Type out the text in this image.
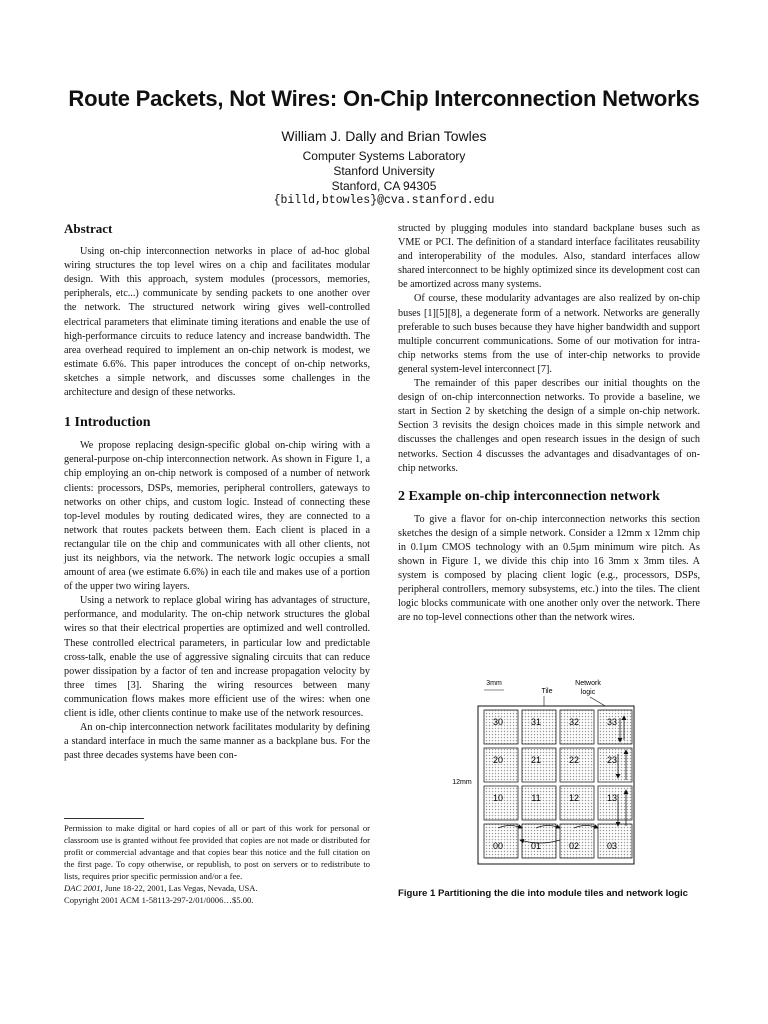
Route Packets, Not Wires: On-Chip Interconnection Networks
William J. Dally and Brian Towles
Computer Systems Laboratory
Stanford University
Stanford, CA 94305
{billd,btowles}@cva.stanford.edu
Abstract

Using on-chip interconnection networks in place of ad-hoc global wiring structures the top level wires on a chip and facilitates modular design. With this approach, system modules (processors, memories, peripherals, etc...) communicate by sending packets to one another over the network. The structured network wiring gives well-controlled electrical parameters that eliminate timing iterations and enable the use of high-performance circuits to reduce latency and increase bandwidth. The area overhead required to implement an on-chip network is modest, we estimate 6.6%. This paper introduces the concept of on-chip networks, sketches a simple network, and discusses some challenges in the architecture and design of these networks.

1 Introduction

We propose replacing design-specific global on-chip wiring with a general-purpose on-chip interconnection network. As shown in Figure 1, a chip employing an on-chip network is composed of a number of network clients: processors, DSPs, memories, peripheral controllers, gateways to networks on other chips, and custom logic. Instead of connecting these top-level modules by routing dedicated wires, they are connected to a network that routes packets between them. Each client is placed in a rectangular tile on the chip and communicates with all other clients, not just its neighbors, via the network. The network logic occupies a small amount of area (we estimate 6.6%) in each tile and makes use of a portion of the upper two wiring layers.

Using a network to replace global wiring has advantages of structure, performance, and modularity. The on-chip network structures the global wires so that their electrical properties are optimized and well controlled. These controlled electrical parameters, in particular low and predictable cross-talk, enable the use of aggressive signaling circuits that can reduce power dissipation by a factor of ten and increase propagation velocity by three times [3]. Sharing the wiring resources between many communication flows makes more efficient use of the wires: when one client is idle, other clients continue to make use of the network resources.

An on-chip interconnection network facilitates modularity by defining a standard interface in much the same manner as a backplane bus. For the past three decades systems have been con-

Permission to make digital or hard copies of all or part of this work for personal or classroom use is granted without fee provided that copies are not made or distributed for profit or commercial advantage and that copies bear this notice and the full citation on the first page. To copy otherwise, or republish, to post on servers or to redistribute to lists, requires prior specific permission and/or a fee.

DAC 2001, June 18-22, 2001, Las Vegas, Nevada, USA.

Copyright 2001 ACM 1-58113-297-2/01/0006…$5.00.

structed by plugging modules into standard backplane buses such as VME or PCI. The definition of a standard interface facilitates reusability and interoperability of the modules. Also, standard interfaces allow shared interconnect to be highly optimized since its development cost can be amortized across many systems.

Of course, these modularity advantages are also realized by on-chip buses [1][5][8], a degenerate form of a network. Networks are generally preferable to such buses because they have higher bandwidth and support multiple concurrent communications. Some of our motivation for intra-chip networks stems from the use of inter-chip networks to provide general system-level interconnect [7].

The remainder of this paper describes our initial thoughts on the design of on-chip interconnection networks. To provide a baseline, we start in Section 2 by sketching the design of a simple on-chip network. Section 3 revisits the design choices made in this simple network and discusses the challenges and open research issues in the design of such networks. Section 4 discusses the advantages and disadvantages of on-chip networks.

2 Example on-chip interconnection network

To give a flavor for on-chip interconnection networks this section sketches the design of a simple network. Consider a 12mm x 12mm chip in 0.1µm CMOS technology with an 0.5µm minimum wire pitch. As shown in Figure 1, we divide this chip into 16 3mm x 3mm tiles. A system is composed by placing client logic (e.g., processors, DSPs, peripheral controllers, memory subsystems, etc.) into the tiles. The client logic blocks communicate with one another only over the network. There are no top-level connections other than the network wires.

3mm
Tile
Network
logic
12mm
30	31	32	33
20	21	22	23
10	11	12	13
00	01	02	03
Figure 1 Partitioning the die into module tiles and network logic
